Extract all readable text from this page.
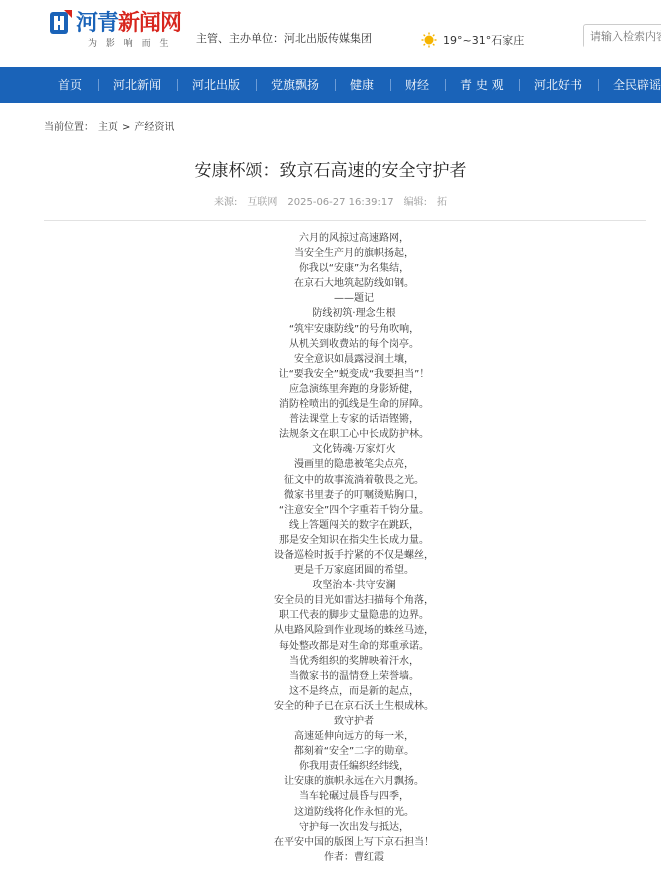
河青新闻网
为 影 响 而 生 主管、主办单位：河北出版传媒集团	19°~31°石家庄
请输入检索内容
首页	河北新闻	河北出版	党旗飘扬	健康	财经	青 史 观	河北好书	全民辟谣
当前位置： 主页 > 产经资讯
安康杯颂：致京石高速的安全守护者
来源: 互联网 2025-06-27 16:39:17 编辑: 拓
六月的风掠过高速路网，
当安全生产月的旗帜扬起，
你我以“安康”为名集结，
在京石大地筑起防线如钢。
——题记
防线初筑·理念生根
“筑牢安康防线”的号角吹响，
从机关到收费站的每个岗亭。
安全意识如晨露浸润土壤，
让“要我安全”蜕变成“我要担当”！
应急演练里奔跑的身影矫健，
消防栓喷出的弧线是生命的屏障。
普法课堂上专家的话语铿锵，
法规条文在职工心中长成防护林。
文化铸魂·万家灯火
漫画里的隐患被笔尖点亮，
征文中的故事流淌着敬畏之光。
微家书里妻子的叮嘱烫贴胸口，
“注意安全”四个字重若千钧分量。
线上答题闯关的数字在跳跃，
那是安全知识在指尖生长成力量。
设备巡检时扳手拧紧的不仅是螺丝，
更是千万家庭团圆的希望。
攻坚治本·共守安澜
安全员的目光如雷达扫描每个角落，
职工代表的脚步丈量隐患的边界。
从电路风险到作业现场的蛛丝马迹，
每处整改都是对生命的郑重承诺。
当优秀组织的奖牌映着汗水，
当微家书的温情登上荣誉墙。
这不是终点，而是新的起点，
安全的种子已在京石沃土生根成林。
致守护者
高速延伸向远方的每一米，
都刻着“安全”二字的勋章。
你我用责任编织经纬线，
让安康的旗帜永远在六月飘扬。
当车轮碾过晨昏与四季，
这道防线将化作永恒的光。
守护每一次出发与抵达，
在平安中国的版图上写下京石担当！
作者：曹红霞
